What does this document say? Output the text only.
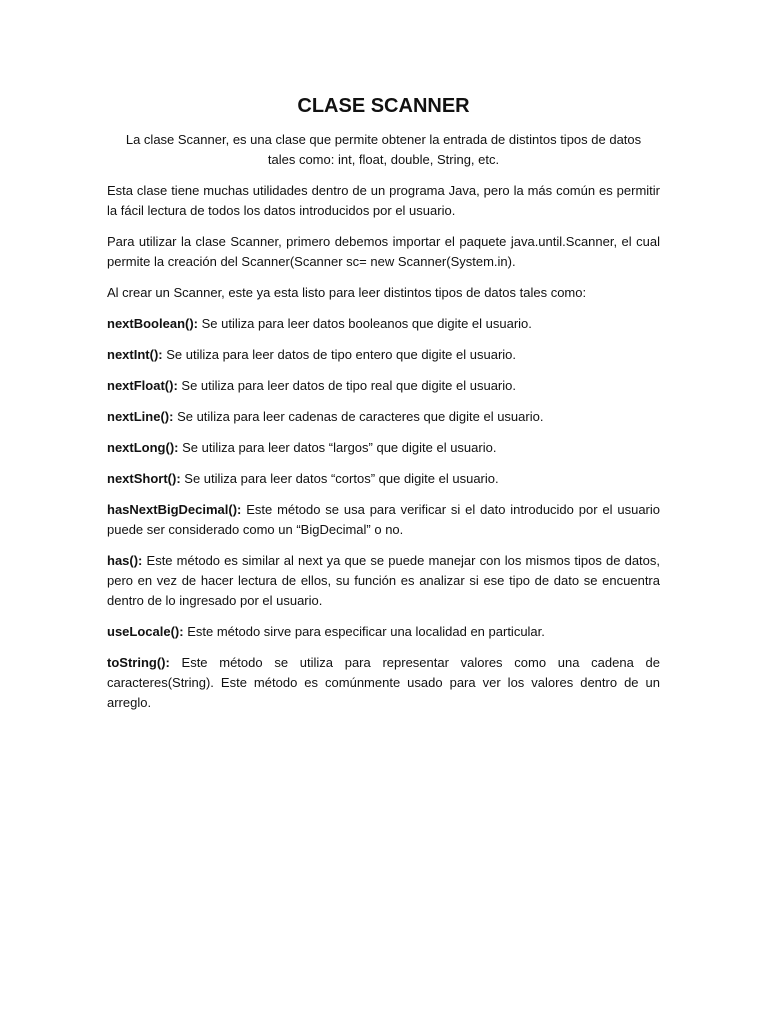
CLASE SCANNER

La clase Scanner, es una clase que permite obtener la entrada de distintos tipos de datos tales como: int, float, double, String, etc.

Esta clase tiene muchas utilidades dentro de un programa Java, pero la más común es permitir la fácil lectura de todos los datos introducidos por el usuario.

Para utilizar la clase Scanner, primero debemos importar el paquete java.until.Scanner, el cual permite la creación del Scanner(Scanner sc= new Scanner(System.in).

Al crear un Scanner, este ya esta listo para leer distintos tipos de datos tales como:

nextBoolean(): Se utiliza para leer datos booleanos que digite el usuario.

nextInt(): Se utiliza para leer datos de tipo entero que digite el usuario.

nextFloat(): Se utiliza para leer datos de tipo real que digite el usuario.

nextLine(): Se utiliza para leer cadenas de caracteres que digite el usuario.

nextLong(): Se utiliza para leer datos “largos” que digite el usuario.

nextShort(): Se utiliza para leer datos “cortos” que digite el usuario.

hasNextBigDecimal(): Este método se usa para verificar si el dato introducido por el usuario puede ser considerado como un “BigDecimal” o no.

has(): Este método es similar al next ya que se puede manejar con los mismos tipos de datos, pero en vez de hacer lectura de ellos, su función es analizar si ese tipo de dato se encuentra dentro de lo ingresado por el usuario.

useLocale(): Este método sirve para especificar una localidad en particular.

toString(): Este método se utiliza para representar valores como una cadena de caracteres(String). Este método es comúnmente usado para ver los valores dentro de un arreglo.
